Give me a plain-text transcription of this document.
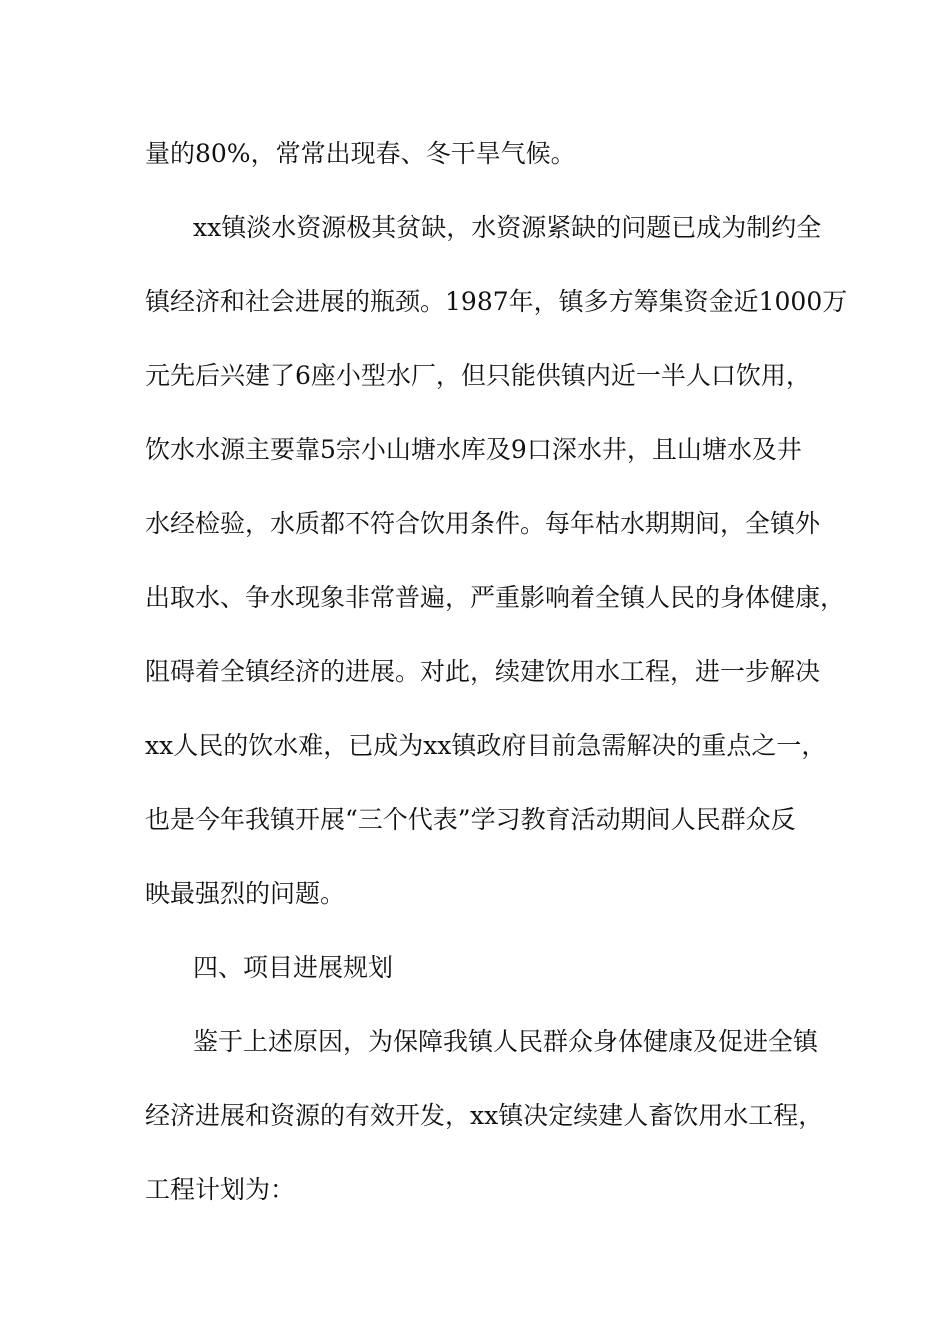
量的80%，常常出现春、冬干旱气候。
xx镇淡水资源极其贫缺，水资源紧缺的问题已成为制约全
镇经济和社会进展的瓶颈。1987年，镇多方筹集资金近1000万
元先后兴建了6座小型水厂，但只能供镇内近一半人口饮用，
饮水水源主要靠5宗小山塘水库及9口深水井，且山塘水及井
水经检验，水质都不符合饮用条件。每年枯水期期间，全镇外
出取水、争水现象非常普遍，严重影响着全镇人民的身体健康，
阻碍着全镇经济的进展。对此，续建饮用水工程，进一步解决
xx人民的饮水难，已成为xx镇政府目前急需解决的重点之一，
也是今年我镇开展“三个代表”学习教育活动期间人民群众反
映最强烈的问题。
四、项目进展规划
鉴于上述原因，为保障我镇人民群众身体健康及促进全镇
经济进展和资源的有效开发，xx镇决定续建人畜饮用水工程，
工程计划为：
